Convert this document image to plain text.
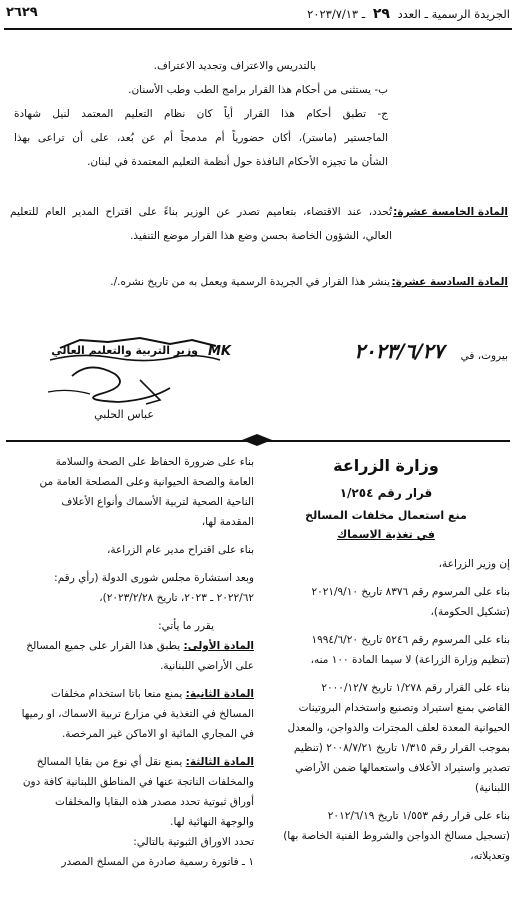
٢٦٢٩	الجريدة الرسمية ـ العدد ٢٩ ـ ٢٠٢٣/٧/١٣
بالتدريس والاعتراف وتجديد الاعتراف.
ب- يستثنى من أحكام هذا القرار برامج الطب وطب الأسنان.
ج- تطبق أحكام هذا القرار أياً كان نظام التعليم المعتمد لنيل شهادة
الماجستير (ماستر)، أكان حضورياً أم مدمجاً أم عن بُعد، على أن تراعى بهذا
الشأن ما تجيزه الأحكام النافذة حول أنظمة التعليم المعتمدة في لبنان.
المادة الخامسة عشرة:
تُحدد، عند الاقتضاء، بتعاميم تصدر عن الوزير بناءً على اقتراح المدير العام للتعليم
العالي، الشؤون الخاصة بحسن وضع هذا القرار موضع التنفيذ.
المادة السادسة عشرة:
ينشر هذا القرار في الجريدة الرسمية ويعمل به من تاريخ نشره./.
بيروت، في
٢٠٢٣/٦/٢٧
MK
وزير التربية والتعليم العالي
عباس الحلبي
وزارة الزراعة
قرار رقم ١/٢٥٤
منع استعمال مخلفات المسالخ
في تغذية الاسماك
إن وزير الزراعة،
بناء على المرسوم رقم ٨٣٧٦ تاريخ ٢٠٢١/٩/١٠
(تشكيل الحكومة)،
بناء على المرسوم رقم ٥٢٤٦ تاريخ ١٩٩٤/٦/٢٠
(تنظيم وزارة الزراعة) لا سيما المادة ١٠٠ منه،
بناء على القرار رقم ١/٢٧٨ تاريخ ٢٠٠٠/١٢/٧
القاضي بمنع استيراد وتصنيع واستخدام البروتينات
الحيوانية المعدة لعلف المجترات والدواجن، والمعدل
بموجب القرار رقم ١/٣١٥ تاريخ ٢٠٠٨/٧/٢١ (تنظيم
تصدير واستيراد الأعلاف واستعمالها ضمن الأراضي
اللبنانية)
بناء على قرار رقم ١/٥٥٣ تاريخ ٢٠١٢/٦/١٩
(تسجيل مسالخ الدواجن والشروط الفنية الخاصة بها)
وتعديلاته،
بناء على ضرورة الحفاظ على الصحة والسلامة
العامة والصحة الحيوانية وعلى المصلحة العامة من
الناحية الصحية لتربية الأسماك وأنواع الأعلاف
المقدمة لها،
بناء على اقتراح مدير عام الزراعة،
وبعد استشارة مجلس شورى الدولة (رأي رقم:
٢٠٢٢/٦٢ ـ ٢٠٢٣، تاريخ ٢٠٢٣/٢/٢٨)،
يقرر ما يأتي:
المادة الأولى: يطبق هذا القرار على جميع المسالخ
على الأراضي اللبنانية.
المادة الثانية: يمنع منعا باتا استخدام مخلفات
المسالخ في التغذية في مزارع تربية الاسماك، او رميها
في المجاري المائية او الاماكن غير المرخصة.
المادة الثالثة: يمنع نقل أي نوع من بقايا المسالخ
والمخلفات الناتجة عنها في المناطق اللبنانية كافة دون
أوراق ثبوتية تحدد مصدر هذه البقايا والمخلفات
والوجهة النهائية لها.
تحدد الاوراق الثبوتية بالتالي:
١ ـ فاتورة رسمية صادرة من المسلخ المصدر
